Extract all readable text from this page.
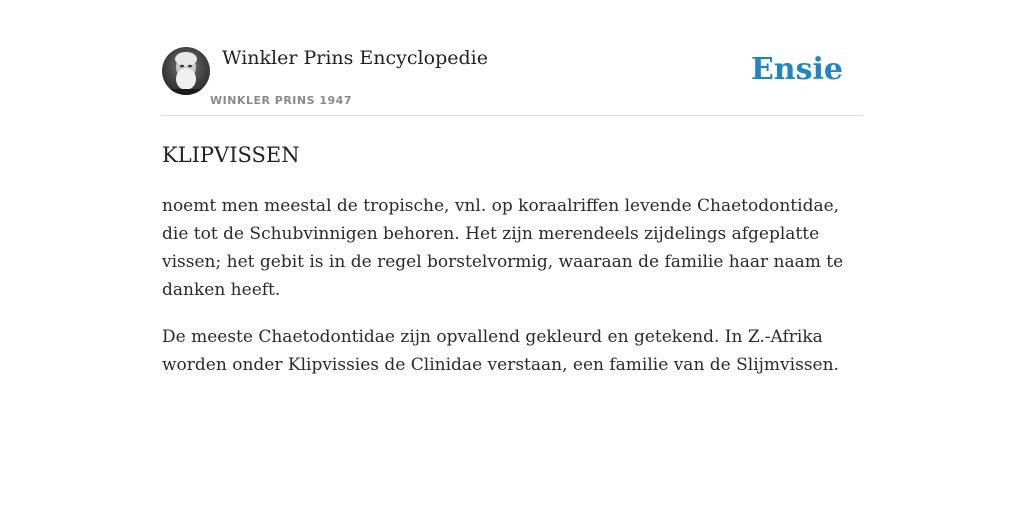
Winkler Prins Encyclopedie
WINKLER PRINS 1947
Ensie
KLIPVISSEN

noemt men meestal de tropische, vnl. op koraalriffen levende Chaetodontidae, die tot de Schubvinnigen behoren. Het zijn merendeels zijdelings afgeplatte vissen; het gebit is in de regel borstelvormig, waaraan de familie haar naam te danken heeft.

De meeste Chaetodontidae zijn opvallend gekleurd en getekend. In Z.-Afrika worden onder Klipvissies de Clinidae verstaan, een familie van de Slijmvissen.
